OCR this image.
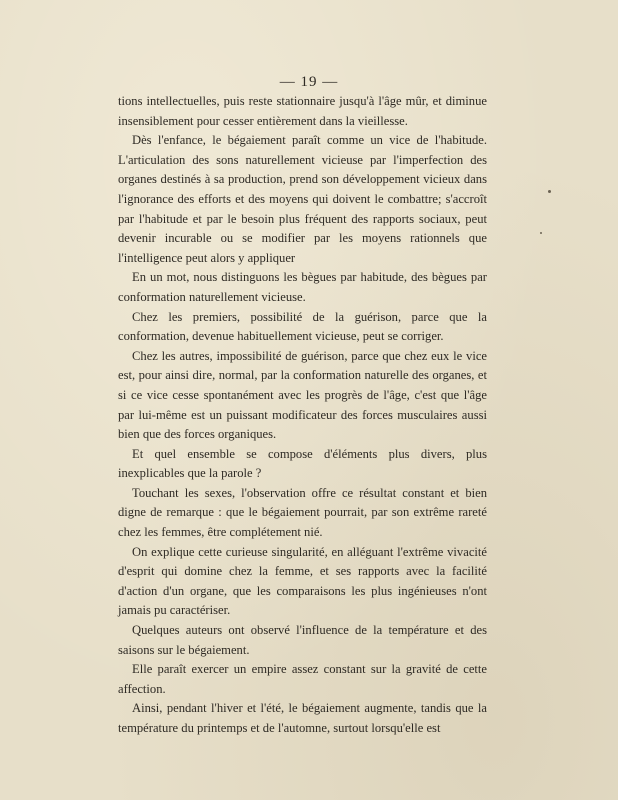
— 19 —

tions intellectuelles, puis reste stationnaire jusqu'à l'âge mûr, et diminue insensiblement pour cesser entièrement dans la vieillesse.

Dès l'enfance, le bégaiement paraît comme un vice de l'habitude. L'articulation des sons naturellement vicieuse par l'imperfection des organes destinés à sa production, prend son développement vicieux dans l'ignorance des efforts et des moyens qui doivent le combattre; s'accroît par l'habitude et par le besoin plus fréquent des rapports sociaux, peut devenir incurable ou se modifier par les moyens rationnels que l'intelligence peut alors y appliquer

En un mot, nous distinguons les bègues par habitude, des bègues par conformation naturellement vicieuse.

Chez les premiers, possibilité de la guérison, parce que la conformation, devenue habituellement vicieuse, peut se corriger.

Chez les autres, impossibilité de guérison, parce que chez eux le vice est, pour ainsi dire, normal, par la conformation naturelle des organes, et si ce vice cesse spontanément avec les progrès de l'âge, c'est que l'âge par lui-même est un puissant modificateur des forces musculaires aussi bien que des forces organiques.

Et quel ensemble se compose d'éléments plus divers, plus inexplicables que la parole ?

Touchant les sexes, l'observation offre ce résultat constant et bien digne de remarque : que le bégaiement pourrait, par son extrême rareté chez les femmes, être complétement nié.

On explique cette curieuse singularité, en alléguant l'extrême vivacité d'esprit qui domine chez la femme, et ses rapports avec la facilité d'action d'un organe, que les comparaisons les plus ingénieuses n'ont jamais pu caractériser.

Quelques auteurs ont observé l'influence de la température et des saisons sur le bégaiement.

Elle paraît exercer un empire assez constant sur la gravité de cette affection.

Ainsi, pendant l'hiver et l'été, le bégaiement augmente, tandis que la température du printemps et de l'automne, surtout lorsqu'elle est
